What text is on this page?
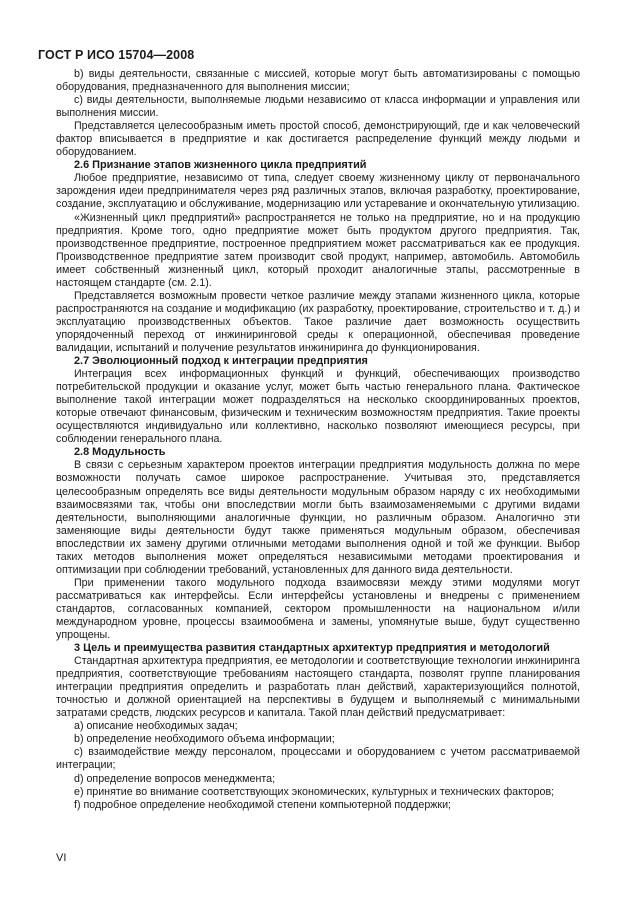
ГОСТ Р ИСО 15704—2008

b) виды деятельности, связанные с миссией, которые могут быть автоматизированы с помощью оборудования, предназначенного для выполнения миссии;

c) виды деятельности, выполняемые людьми независимо от класса информации и управления или выполнения миссии.

Представляется целесообразным иметь простой способ, демонстрирующий, где и как человеческий фактор вписывается в предприятие и как достигается распределение функций между людьми и оборудованием.

2.6 Признание этапов жизненного цикла предприятий

Любое предприятие, независимо от типа, следует своему жизненному циклу от первоначального зарождения идеи предпринимателя через ряд различных этапов, включая разработку, проектирование, создание, эксплуатацию и обслуживание, модернизацию или устаревание и окончательную утилизацию.

«Жизненный цикл предприятий» распространяется не только на предприятие, но и на продукцию предприятия. Кроме того, одно предприятие может быть продуктом другого предприятия. Так, производственное предприятие, построенное предприятием может рассматриваться как ее продукция. Производственное предприятие затем производит свой продукт, например, автомобиль. Автомобиль имеет собственный жизненный цикл, который проходит аналогичные этапы, рассмотренные в настоящем стандарте (см. 2.1).

Представляется возможным провести четкое различие между этапами жизненного цикла, которые распространяются на создание и модификацию (их разработку, проектирование, строительство и т. д.) и эксплуатацию производственных объектов. Такое различие дает возможность осуществить упорядоченный переход от инжиниринговой среды к операционной, обеспечивая проведение валидации, испытаний и получение результатов инжиниринга до функционирования.

2.7 Эволюционный подход к интеграции предприятия

Интеграция всех информационных функций и функций, обеспечивающих производство потребительской продукции и оказание услуг, может быть частью генерального плана. Фактическое выполнение такой интеграции может подразделяться на несколько скоординированных проектов, которые отвечают финансовым, физическим и техническим возможностям предприятия. Такие проекты осуществляются индивидуально или коллективно, насколько позволяют имеющиеся ресурсы, при соблюдении генерального плана.

2.8 Модульность

В связи с серьезным характером проектов интеграции предприятия модульность должна по мере возможности получать самое широкое распространение. Учитывая это, представляется целесообразным определять все виды деятельности модульным образом наряду с их необходимыми взаимосвязями так, чтобы они впоследствии могли быть взаимозаменяемыми с другими видами деятельности, выполняющими аналогичные функции, но различным образом. Аналогично эти заменяющие виды деятельности будут также применяться модульным образом, обеспечивая впоследствии их замену другими отличными методами выполнения одной и той же функции. Выбор таких методов выполнения может определяться независимыми методами проектирования и оптимизации при соблюдении требований, установленных для данного вида деятельности.

При применении такого модульного подхода взаимосвязи между этими модулями могут рассматриваться как интерфейсы. Если интерфейсы установлены и внедрены с применением стандартов, согласованных компанией, сектором промышленности на национальном и/или международном уровне, процессы взаимообмена и замены, упомянутые выше, будут существенно упрощены.

3 Цель и преимущества развития стандартных архитектур предприятия и методологий

Стандартная архитектура предприятия, ее методологии и соответствующие технологии инжиниринга предприятия, соответствующие требованиям настоящего стандарта, позволят группе планирования интеграции предприятия определить и разработать план действий, характеризующийся полнотой, точностью и должной ориентацией на перспективы в будущем и выполняемый с минимальными затратами средств, людских ресурсов и капитала. Такой план действий предусматривает:

a) описание необходимых задач;

b) определение необходимого объема информации;

c) взаимодействие между персоналом, процессами и оборудованием с учетом рассматриваемой интеграции;

d) определение вопросов менеджмента;

e) принятие во внимание соответствующих экономических, культурных и технических факторов;

f) подробное определение необходимой степени компьютерной поддержки;

VI
